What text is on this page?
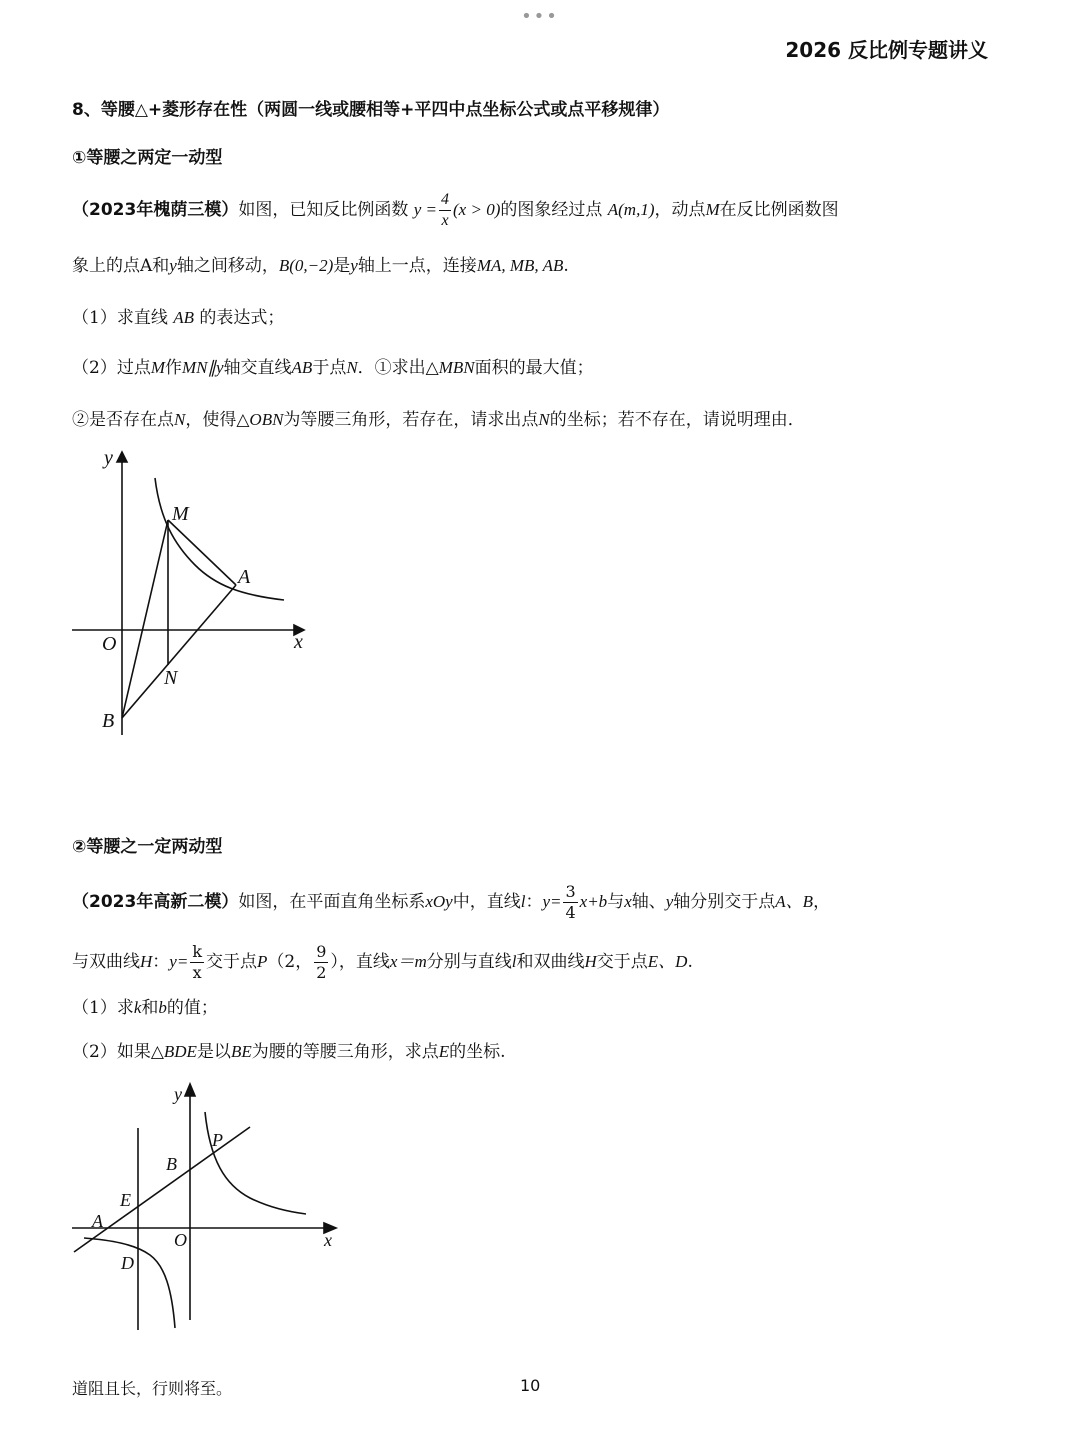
•••
2026 反比例专题讲义
8、等腰△+菱形存在性（两圆一线或腰相等+平四中点坐标公式或点平移规律）
①等腰之两定一动型
（2023年槐荫三模）如图，已知反比例函数 $y = \frac{4}{x} (x > 0)$的图象经过点 A(m,1)，动点M在反比例函数图
象上的点A和y轴之间移动，B(0,−2)是y轴上一点，连接MA, MB, AB.
（1）求直线 AB 的表达式；
（2）过点M作MN∥y轴交直线AB于点N．①求出△MBN面积的最大值；
②是否存在点N，使得△OBN为等腰三角形，若存在，请求出点N的坐标；若不存在，请说明理由．
y
x
O
M
A
N
B
②等腰之一定两动型
（2023年高新二模）如图，在平面直角坐标系xOy中，直线l：$y= \frac{3}{4} x+b$与x轴、y轴分别交于点A、B，
与双曲线H：$y= \frac{k}{x}$ 交于点P（2， $\frac{9}{2}$ ），直线x＝m分别与直线l和双曲线H交于点E、D.
（1）求k和b的值；
（2）如果△BDE是以BE为腰的等腰三角形，求点E的坐标.
y
x
O
P
B
E
A
D
道阻且长，行则将至。	10
